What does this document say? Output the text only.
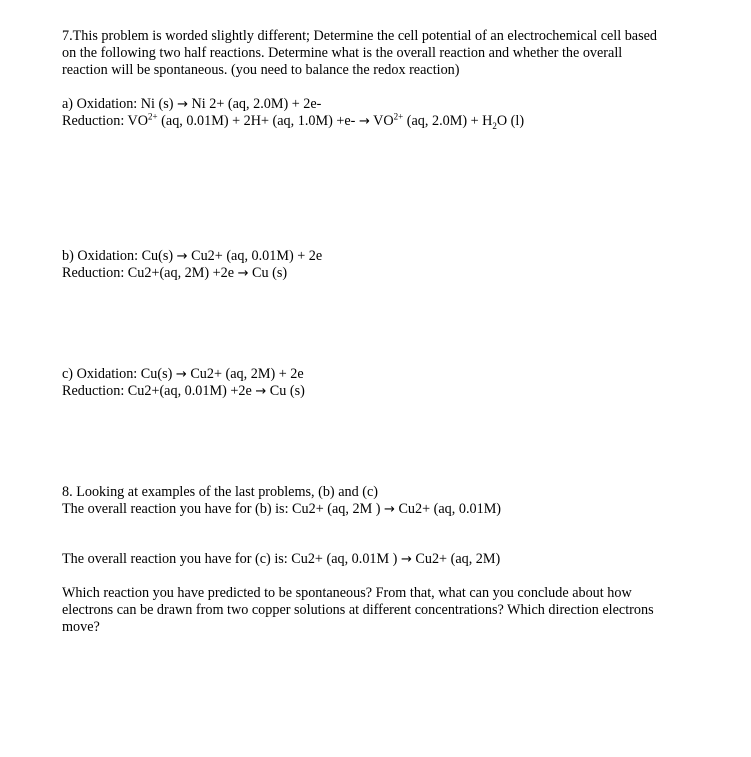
7.This problem is worded slightly different; Determine the cell potential of an electrochemical cell based
on the following two half reactions. Determine what is the overall reaction and whether the overall
reaction will be spontaneous. (you need to balance the redox reaction)
a) Oxidation: Ni (s) → Ni 2+ (aq, 2.0M) + 2e-
Reduction: $VO^{2+}$ (aq, 0.01M) + 2H+ (aq, $1.0M) +e- \to VO^{2+}$ (aq, $2.0M) + H_2O$ (l)
b) Oxidation: Cu(s) → Cu2+ (aq, 0.01M) + 2e
Reduction: Cu2+(aq, 2M) +2e → Cu (s)
c) Oxidation: Cu(s) → Cu2+ (aq, 2M) + 2e
Reduction: Cu2+(aq, 0.01M) +2e → Cu (s)
8. Looking at examples of the last problems, (b) and (c)
The overall reaction you have for (b) is: Cu2+ (aq, 2M ) → Cu2+ (aq, 0.01M)
The overall reaction you have for (c) is: Cu2+ (aq, 0.01M ) → Cu2+ (aq, 2M)
Which reaction you have predicted to be spontaneous? From that, what can you conclude about how
electrons can be drawn from two copper solutions at different concentrations? Which direction electrons
move?
